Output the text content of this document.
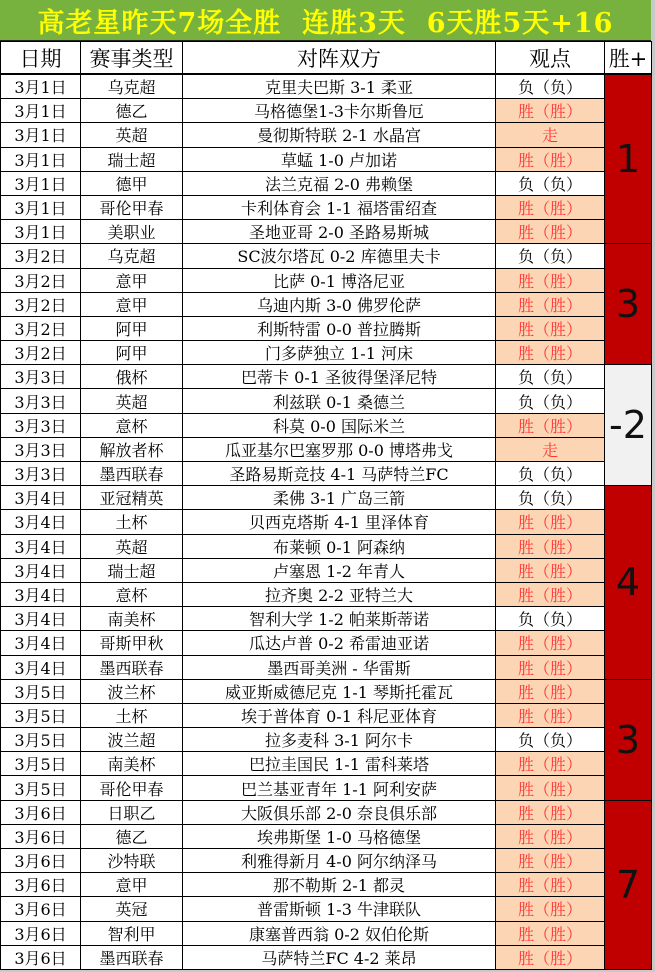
高老星昨天7场全胜  连胜3天  6天胜5天+16
日期	赛事类型	对阵双方	观点	胜+
3月1日	乌克超	克里夫巴斯 3-1 柔亚	负（负）	1
3月1日	德乙	马格德堡1-3卡尔斯鲁厄	胜（胜）	
3月1日	英超	曼彻斯特联 2-1 水晶宫	走	
3月1日	瑞士超	草蜢 1-0 卢加诺	胜（胜）	
3月1日	德甲	法兰克福 2-0 弗赖堡	负（负）	
3月1日	哥伦甲春	卡利体育会 1-1 福塔雷绍查	胜（胜）	
3月1日	美职业	圣地亚哥 2-0 圣路易斯城	胜（胜）	
3月2日	乌克超	SC波尔塔瓦 0-2 库德里夫卡	负（负）	3
3月2日	意甲	比萨 0-1 博洛尼亚	胜（胜）	
3月2日	意甲	乌迪内斯 3-0 佛罗伦萨	胜（胜）	
3月2日	阿甲	利斯特雷 0-0 普拉腾斯	胜（胜）	
3月2日	阿甲	门多萨独立 1-1 河床	胜（胜）	
3月3日	俄杯	巴蒂卡 0-1 圣彼得堡泽尼特	负（负）	-2
3月3日	英超	利兹联 0-1 桑德兰	负（负）	
3月3日	意杯	科莫 0-0 国际米兰	胜（胜）	
3月3日	解放者杯	瓜亚基尔巴塞罗那 0-0 博塔弗戈	走	
3月3日	墨西联春	圣路易斯竞技 4-1 马萨特兰FC	负（负）	
3月4日	亚冠精英	柔佛 3-1 广岛三箭	负（负）	4
3月4日	土杯	贝西克塔斯 4-1 里泽体育	胜（胜）	
3月4日	英超	布莱顿 0-1 阿森纳	胜（胜）	
3月4日	瑞士超	卢塞恩 1-2 年青人	胜（胜）	
3月4日	意杯	拉齐奥 2-2 亚特兰大	胜（胜）	
3月4日	南美杯	智利大学 1-2 帕莱斯蒂诺	负（负）	
3月4日	哥斯甲秋	瓜达卢普 0-2 希雷迪亚诺	胜（胜）	
3月4日	墨西联春	墨西哥美洲 - 华雷斯	胜（胜）	
3月5日	波兰杯	威亚斯威德尼克 1-1 琴斯托霍瓦	胜（胜）	3
3月5日	土杯	埃于普体育 0-1 科尼亚体育	胜（胜）	
3月5日	波兰超	拉多麦科 3-1 阿尔卡	负（负）	
3月5日	南美杯	巴拉圭国民 1-1 雷科莱塔	胜（胜）	
3月5日	哥伦甲春	巴兰基亚青年 1-1 阿利安萨	胜（胜）	
3月6日	日职乙	大阪俱乐部 2-0 奈良俱乐部	胜（胜）	7
3月6日	德乙	埃弗斯堡 1-0 马格德堡	胜（胜）	
3月6日	沙特联	利雅得新月 4-0 阿尔纳泽马	胜（胜）	
3月6日	意甲	那不勒斯 2-1 都灵	胜（胜）	
3月6日	英冠	普雷斯顿 1-3 牛津联队	胜（胜）	
3月6日	智利甲	康塞普西翁 0-2 奴伯伦斯	胜（胜）	
3月6日	墨西联春	马萨特兰FC 4-2 莱昂	胜（胜）	
